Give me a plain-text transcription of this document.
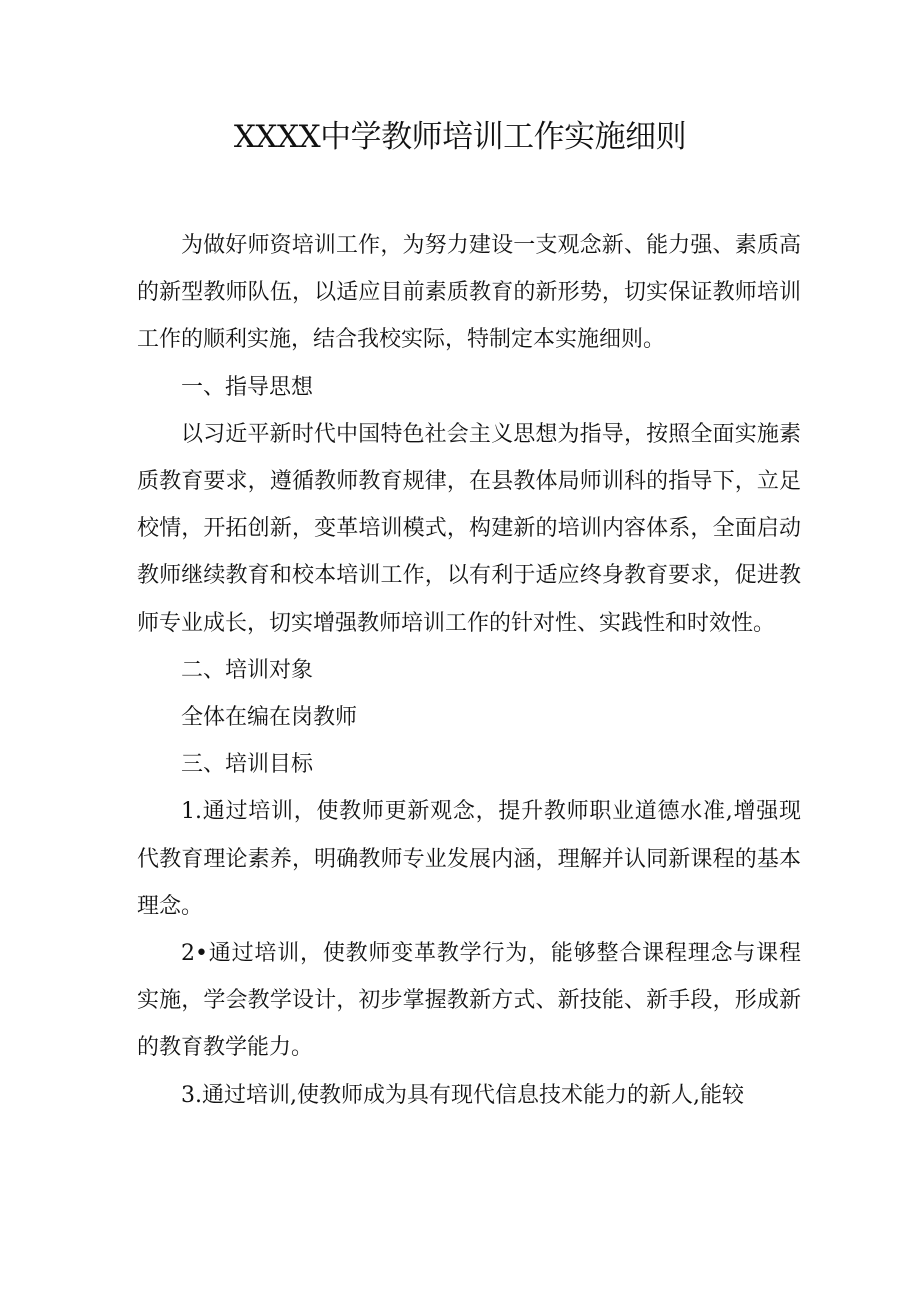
XXXX中学教师培训工作实施细则

为做好师资培训工作，为努力建设一支观念新、能力强、素质高的新型教师队伍，以适应目前素质教育的新形势，切实保证教师培训工作的顺利实施，结合我校实际，特制定本实施细则。

一、指导思想

以习近平新时代中国特色社会主义思想为指导，按照全面实施素质教育要求，遵循教师教育规律，在县教体局师训科的指导下，立足校情，开拓创新，变革培训模式，构建新的培训内容体系，全面启动教师继续教育和校本培训工作，以有利于适应终身教育要求，促进教师专业成长，切实增强教师培训工作的针对性、实践性和时效性。

二、培训对象

全体在编在岗教师

三、培训目标

1.通过培训，使教师更新观念，提升教师职业道德水准,增强现代教育理论素养，明确教师专业发展内涵，理解并认同新课程的基本理念。

2•通过培训，使教师变革教学行为，能够整合课程理念与课程实施，学会教学设计，初步掌握教新方式、新技能、新手段，形成新的教育教学能力。

3.通过培训,使教师成为具有现代信息技术能力的新人,能较
